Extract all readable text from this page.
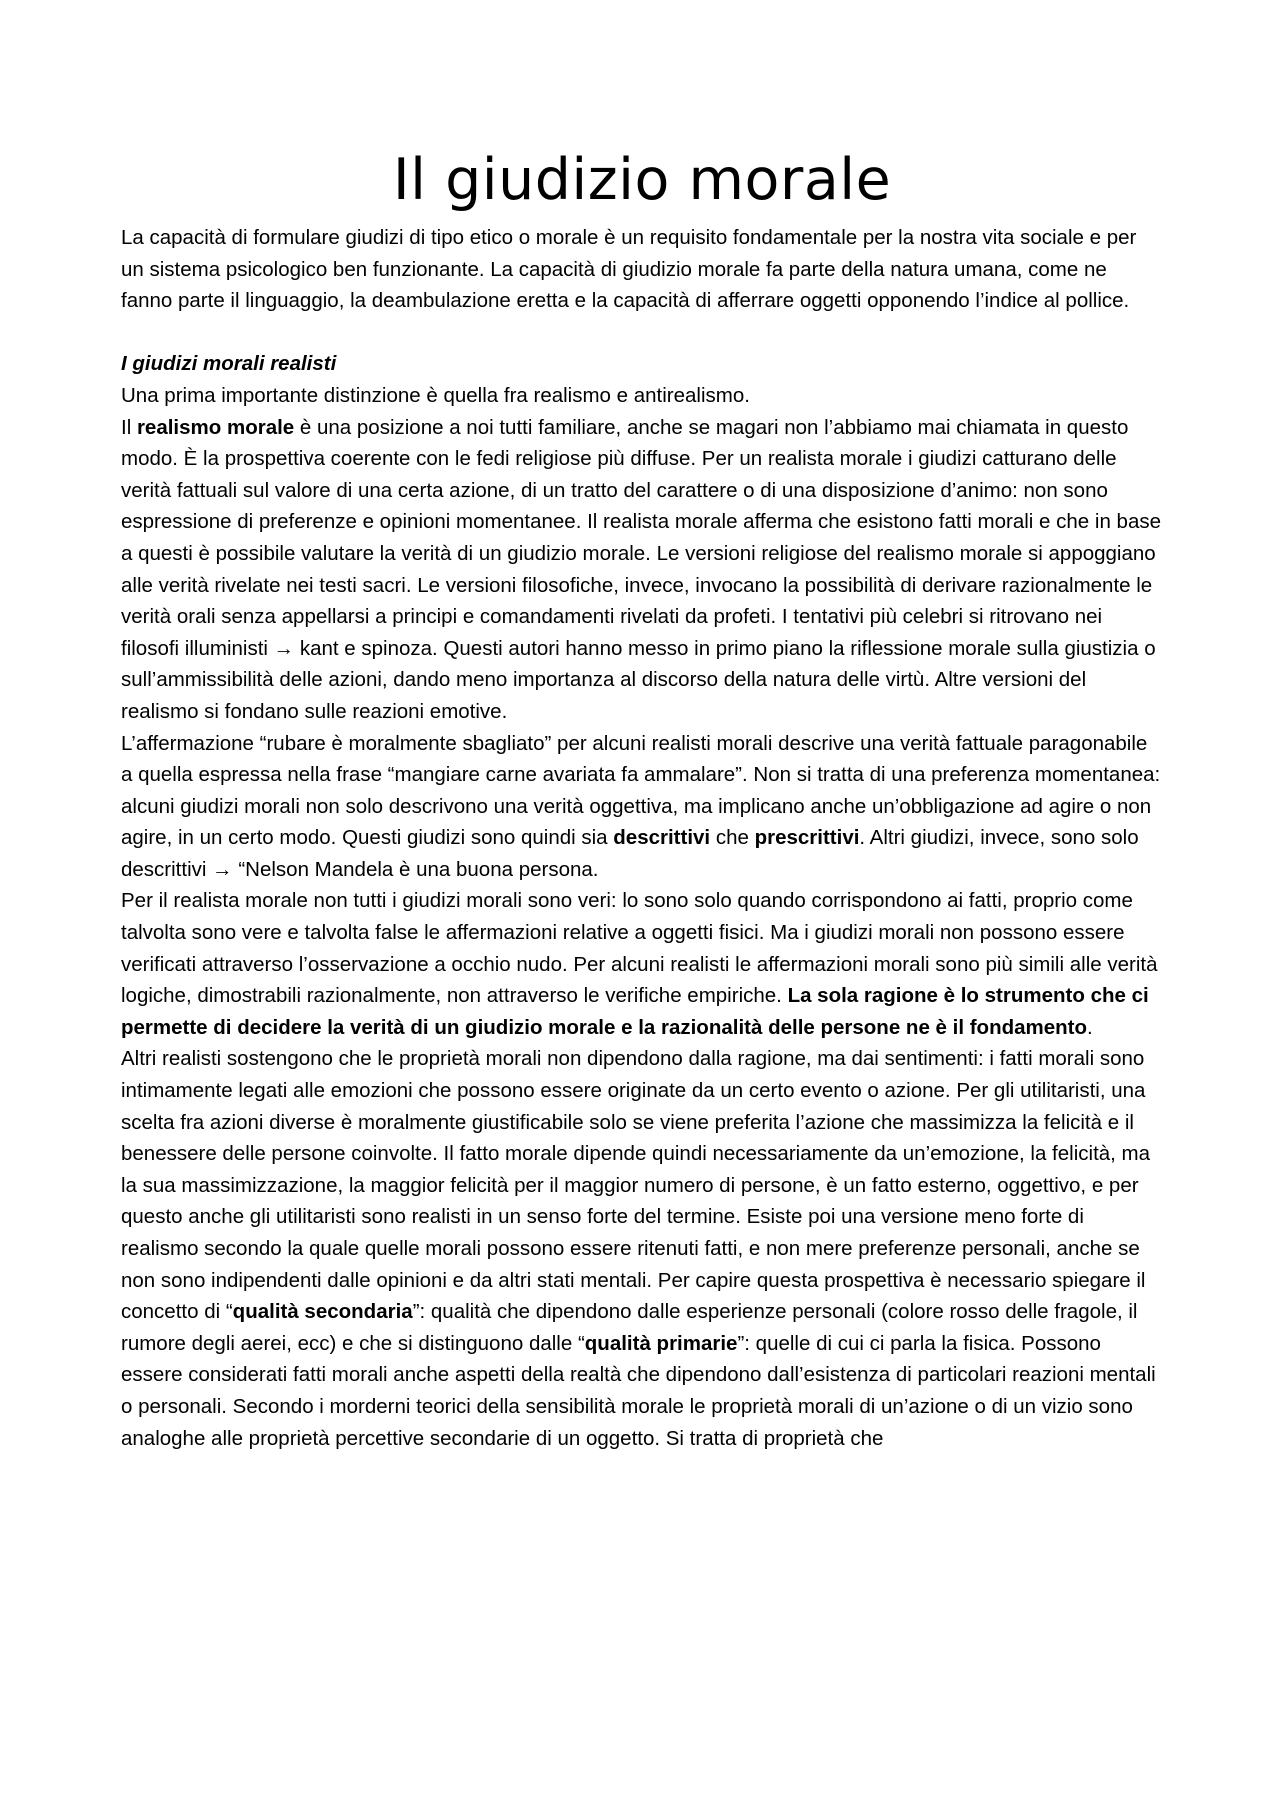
Il giudizio morale

La capacità di formulare giudizi di tipo etico o morale è un requisito fondamentale per la nostra vita sociale e per un sistema psicologico ben funzionante. La capacità di giudizio morale fa parte della natura umana, come ne fanno parte il linguaggio, la deambulazione eretta e la capacità di afferrare oggetti opponendo l’indice al pollice.

I giudizi morali realisti

Una prima importante distinzione è quella fra realismo e antirealismo.

Il realismo morale è una posizione a noi tutti familiare, anche se magari non l’abbiamo mai chiamata in questo modo. È la prospettiva coerente con le fedi religiose più diffuse. Per un realista morale i giudizi catturano delle verità fattuali sul valore di una certa azione, di un tratto del carattere o di una disposizione d’animo: non sono espressione di preferenze e opinioni momentanee. Il realista morale afferma che esistono fatti morali e che in base a questi è possibile valutare la verità di un giudizio morale. Le versioni religiose del realismo morale si appoggiano alle verità rivelate nei testi sacri. Le versioni filosofiche, invece, invocano la possibilità di derivare razionalmente le verità orali senza appellarsi a principi e comandamenti rivelati da profeti. I tentativi più celebri si ritrovano nei filosofi illuministi → kant e spinoza. Questi autori hanno messo in primo piano la riflessione morale sulla giustizia o sull’ammissibilità delle azioni, dando meno importanza al discorso della natura delle virtù. Altre versioni del realismo si fondano sulle reazioni emotive.

L’affermazione “rubare è moralmente sbagliato” per alcuni realisti morali descrive una verità fattuale paragonabile a quella espressa nella frase “mangiare carne avariata fa ammalare”. Non si tratta di una preferenza momentanea: alcuni giudizi morali non solo descrivono una verità oggettiva, ma implicano anche un’obbligazione ad agire o non agire, in un certo modo. Questi giudizi sono quindi sia descrittivi che prescrittivi. Altri giudizi, invece, sono solo descrittivi → “Nelson Mandela è una buona persona.

Per il realista morale non tutti i giudizi morali sono veri: lo sono solo quando corrispondono ai fatti, proprio come talvolta sono vere e talvolta false le affermazioni relative a oggetti fisici. Ma i giudizi morali non possono essere verificati attraverso l’osservazione a occhio nudo. Per alcuni realisti le affermazioni morali sono più simili alle verità logiche, dimostrabili razionalmente, non attraverso le verifiche empiriche. La sola ragione è lo strumento che ci permette di decidere la verità di un giudizio morale e la razionalità delle persone ne è il fondamento.

Altri realisti sostengono che le proprietà morali non dipendono dalla ragione, ma dai sentimenti: i fatti morali sono intimamente legati alle emozioni che possono essere originate da un certo evento o azione. Per gli utilitaristi, una scelta fra azioni diverse è moralmente giustificabile solo se viene preferita l’azione che massimizza la felicità e il benessere delle persone coinvolte. Il fatto morale dipende quindi necessariamente da un’emozione, la felicità, ma la sua massimizzazione, la maggior felicità per il maggior numero di persone, è un fatto esterno, oggettivo, e per questo anche gli utilitaristi sono realisti in un senso forte del termine. Esiste poi una versione meno forte di realismo secondo la quale quelle morali possono essere ritenuti fatti, e non mere preferenze personali, anche se non sono indipendenti dalle opinioni e da altri stati mentali. Per capire questa prospettiva è necessario spiegare il concetto di “qualità secondaria”: qualità che dipendono dalle esperienze personali (colore rosso delle fragole, il rumore degli aerei, ecc) e che si distinguono dalle “qualità primarie”: quelle di cui ci parla la fisica. Possono essere considerati fatti morali anche aspetti della realtà che dipendono dall’esistenza di particolari reazioni mentali o personali. Secondo i morderni teorici della sensibilità morale le proprietà morali di un’azione o di un vizio sono analoghe alle proprietà percettive secondarie di un oggetto. Si tratta di proprietà che
